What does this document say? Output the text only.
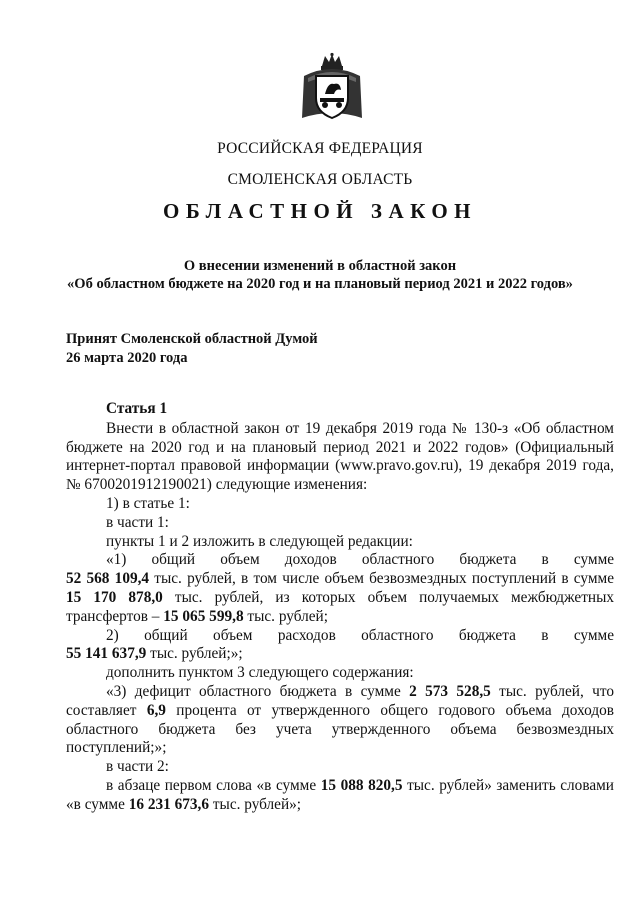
РОССИЙСКАЯ ФЕДЕРАЦИЯ
СМОЛЕНСКАЯ ОБЛАСТЬ
ОБЛАСТНОЙ ЗАКОН
О внесении изменений в областной закон
«Об областном бюджете на 2020 год и на плановый период 2021 и 2022 годов»
Принят Смоленской областной Думой
26 марта 2020 года
Статья 1
Внести в областной закон от 19 декабря 2019 года № 130-з «Об областном
бюджете на 2020 год и на плановый период 2021 и 2022 годов» (Официальный
интернет-портал правовой информации (www.pravo.gov.ru), 19 декабря 2019 года,
№ 6700201912190021) следующие изменения:
1) в статье 1:
в части 1:
пункты 1 и 2 изложить в следующей редакции:
«1) общий объем доходов областного бюджета в сумме
52 568 109,4 тыс. рублей, в том числе объем безвозмездных поступлений в сумме
15 170 878,0 тыс. рублей, из которых объем получаемых межбюджетных
трансфертов – 15 065 599,8 тыс. рублей;
2) общий объем расходов областного бюджета в сумме
55 141 637,9 тыс. рублей;»;
дополнить пунктом 3 следующего содержания:
«3) дефицит областного бюджета в сумме 2 573 528,5 тыс. рублей, что
составляет 6,9 процента от утвержденного общего годового объема доходов
областного бюджета без учета утвержденного объема безвозмездных
поступлений;»;
в части 2:
в абзаце первом слова «в сумме 15 088 820,5 тыс. рублей» заменить словами
«в сумме 16 231 673,6 тыс. рублей»;
